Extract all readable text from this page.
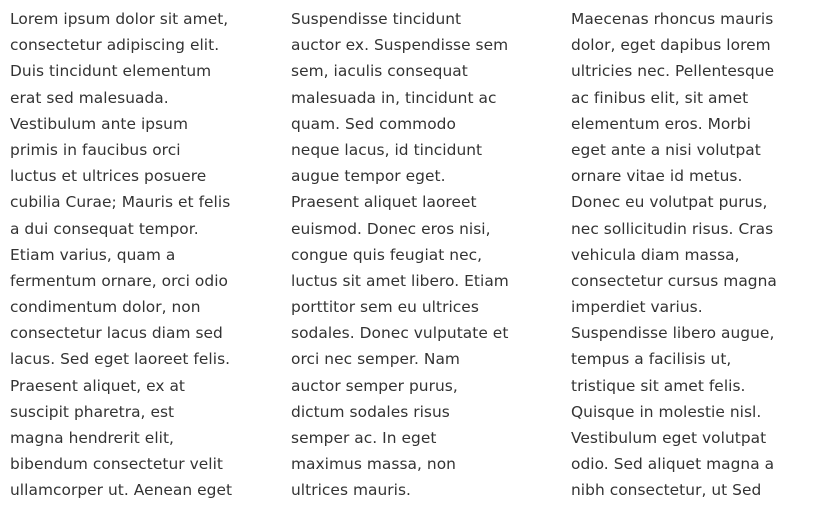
Lorem ipsum dolor sit amet,
consectetur adipiscing elit.
Duis tincidunt elementum
erat sed malesuada.
Vestibulum ante ipsum
primis in faucibus orci
luctus et ultrices posuere
cubilia Curae; Mauris et felis
a dui consequat tempor.
Etiam varius, quam a
fermentum ornare, orci odio
condimentum dolor, non
consectetur lacus diam sed
lacus. Sed eget laoreet felis.
Praesent aliquet, ex at
suscipit pharetra, est
magna hendrerit elit,
bibendum consectetur velit
ullamcorper ut. Aenean eget
Suspendisse tincidunt
auctor ex. Suspendisse sem
sem, iaculis consequat
malesuada in, tincidunt ac
quam. Sed commodo
neque lacus, id tincidunt
augue tempor eget.
Praesent aliquet laoreet
euismod. Donec eros nisi,
congue quis feugiat nec,
luctus sit amet libero. Etiam
porttitor sem eu ultrices
sodales. Donec vulputate et
orci nec semper. Nam
auctor semper purus,
dictum sodales risus
semper ac. In eget
maximus massa, non
ultrices mauris.
Maecenas rhoncus mauris
dolor, eget dapibus lorem
ultricies nec. Pellentesque
ac finibus elit, sit amet
elementum eros. Morbi
eget ante a nisi volutpat
ornare vitae id metus.
Donec eu volutpat purus,
nec sollicitudin risus. Cras
vehicula diam massa,
consectetur cursus magna
imperdiet varius.
Suspendisse libero augue,
tempus a facilisis ut,
tristique sit amet felis.
Quisque in molestie nisl.
Vestibulum eget volutpat
odio. Sed aliquet magna a
nibh consectetur, ut Sed
